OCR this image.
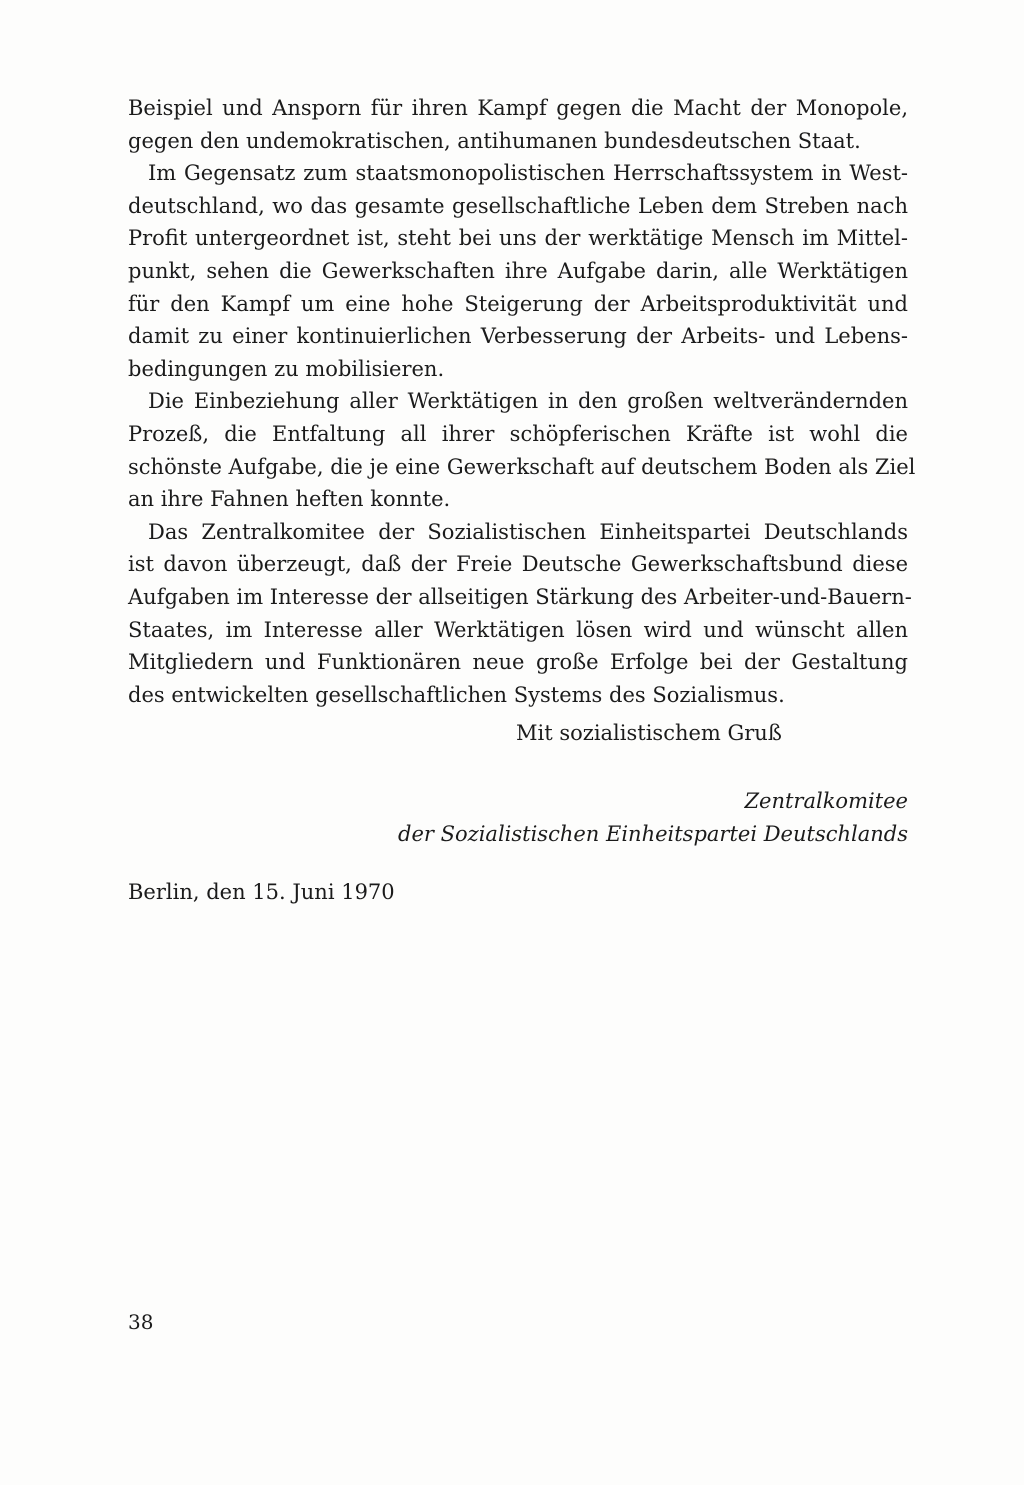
Beispiel und Ansporn für ihren Kampf gegen die Macht der Monopole,
gegen den undemokratischen, antihumanen bundesdeutschen Staat.

Im Gegensatz zum staatsmonopolistischen Herrschaftssystem in West-
deutschland, wo das gesamte gesellschaftliche Leben dem Streben nach
Profit untergeordnet ist, steht bei uns der werktätige Mensch im Mittel-
punkt, sehen die Gewerkschaften ihre Aufgabe darin, alle Werktätigen
für den Kampf um eine hohe Steigerung der Arbeitsproduktivität und
damit zu einer kontinuierlichen Verbesserung der Arbeits- und Lebens-
bedingungen zu mobilisieren.

Die Einbeziehung aller Werktätigen in den großen weltverändernden
Prozeß, die Entfaltung all ihrer schöpferischen Kräfte ist wohl die
schönste Aufgabe, die je eine Gewerkschaft auf deutschem Boden als Ziel
an ihre Fahnen heften konnte.

Das Zentralkomitee der Sozialistischen Einheitspartei Deutschlands
ist davon überzeugt, daß der Freie Deutsche Gewerkschaftsbund diese
Aufgaben im Interesse der allseitigen Stärkung des Arbeiter-und-Bauern-
Staates, im Interesse aller Werktätigen lösen wird und wünscht allen
Mitgliedern und Funktionären neue große Erfolge bei der Gestaltung
des entwickelten gesellschaftlichen Systems des Sozialismus.

Mit sozialistischem Gruß
Zentralkomitee
der Sozialistischen Einheitspartei Deutschlands
Berlin, den 15. Juni 1970
38
